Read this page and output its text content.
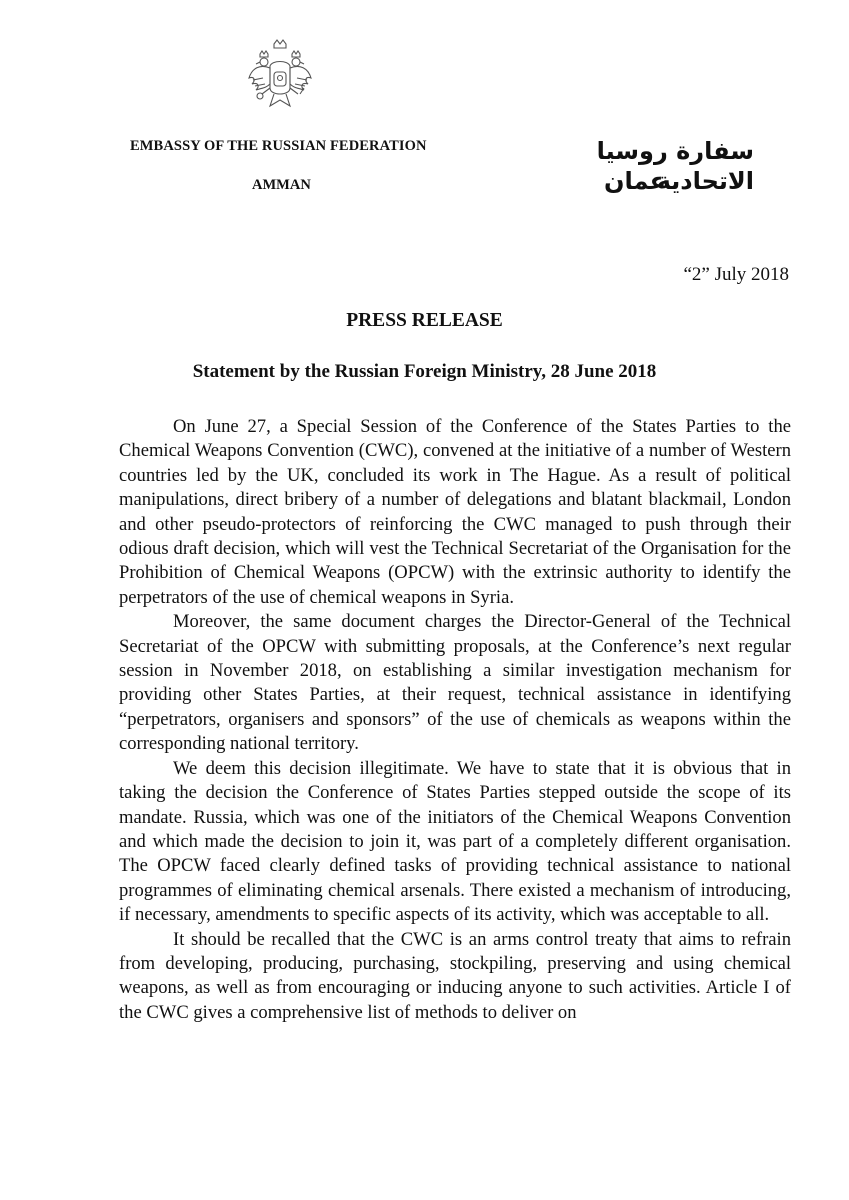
EMBASSY OF THE RUSSIAN FEDERATION
AMMAN
سفارة روسيا الاتحادية
عمان
“2” July 2018
PRESS RELEASE
Statement by the Russian Foreign Ministry, 28 June 2018

On June 27, a Special Session of the Conference of the States Parties to the Chemical Weapons Convention (CWC), convened at the initiative of a number of Western countries led by the UK, concluded its work in The Hague. As a result of political manipulations, direct bribery of a number of delegations and blatant blackmail, London and other pseudo-protectors of reinforcing the CWC managed to push through their odious draft decision, which will vest the Technical Secretariat of the Organisation for the Prohibition of Chemical Weapons (OPCW) with the extrinsic authority to identify the perpetrators of the use of chemical weapons in Syria.

Moreover, the same document charges the Director-General of the Technical Secretariat of the OPCW with submitting proposals, at the Conference’s next regular session in November 2018, on establishing a similar investigation mechanism for providing other States Parties, at their request, technical assistance in identifying “perpetrators, organisers and sponsors” of the use of chemicals as weapons within the corresponding national territory.

We deem this decision illegitimate. We have to state that it is obvious that in taking the decision the Conference of States Parties stepped outside the scope of its mandate. Russia, which was one of the initiators of the Chemical Weapons Convention and which made the decision to join it, was part of a completely different organisation. The OPCW faced clearly defined tasks of providing technical assistance to national programmes of eliminating chemical arsenals. There existed a mechanism of introducing, if necessary, amendments to specific aspects of its activity, which was acceptable to all.

It should be recalled that the CWC is an arms control treaty that aims to refrain from developing, producing, purchasing, stockpiling, preserving and using chemical weapons, as well as from encouraging or inducing anyone to such activities. Article I of the CWC gives a comprehensive list of methods to deliver on
